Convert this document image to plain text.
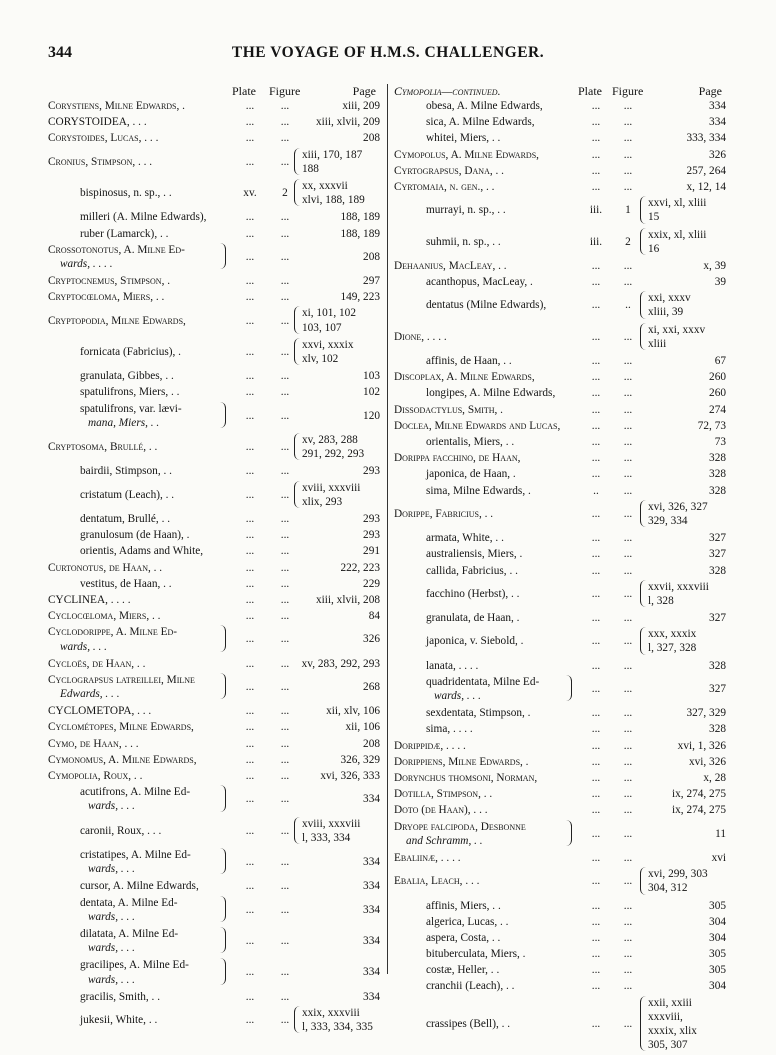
344	THE VOYAGE OF H.M.S. CHALLENGER.
Plate Figure	Page
Corystiens, Milne Edwards, .	...	...	xiii, 209
CORYSTOIDEA, . . .	...	...	xiii, xlvii, 209
Corystoides, Lucas, . . .	...	...	208
Cronius, Stimpson, . . .	...	...
xiii, 170, 187
188
bispinosus, n. sp., . .	xv.	2
xx, xxxvii
xlvi, 188, 189
milleri (A. Milne Edwards),	...	...	188, 189
ruber (Lamarck), . .	...	...	188, 189
Crossotonotus, A. Milne Ed-
wards, . . . .
...	...	208
Cryptocnemus, Stimpson, .	...	...	297
Cryptocœloma, Miers, . .	...	...	149, 223
Cryptopodia, Milne Edwards,	...	...
xi, 101, 102
103, 107
fornicata (Fabricius), .	...	...
xxvi, xxxix
xlv, 102
granulata, Gibbes, . .	...	...	103
spatulifrons, Miers, . .	...	...	102
spatulifrons, var. lævi-
mana, Miers, . .
...	...	120
Cryptosoma, Brullé, . .	...	...
xv, 283, 288
291, 292, 293
bairdii, Stimpson, . .	...	...	293
cristatum (Leach), . .	...	...
xviii, xxxviii
xlix, 293
dentatum, Brullé, . .	...	...	293
granulosum (de Haan), .	...	...	293
orientis, Adams and White,	...	...	291
Curtonotus, de Haan, . .	...	...	222, 223
vestitus, de Haan, . .	...	...	229
CYCLINEA, . . . .	...	...	xiii, xlvii, 208
Cyclocœloma, Miers, . .	...	...	84
Cyclodorippe, A. Milne Ed-
wards, . . .
...	...	326
Cycloës, de Haan, . .	...	...	xv, 283, 292, 293
Cyclograpsus latreillei, Milne
Edwards, . . .
...	...	268
CYCLOMETOPA, . . .	...	...	xii, xlv, 106
Cyclométopes, Milne Edwards,	...	...	xii, 106
Cymo, de Haan, . . .	...	...	208
Cymonomus, A. Milne Edwards,	...	...	326, 329
Cymopolia, Roux, . .	...	...	xvi, 326, 333
acutifrons, A. Milne Ed-
wards, . . .
...	...	334
caronii, Roux, . . .	...	...
xviii, xxxviii
l, 333, 334
cristatipes, A. Milne Ed-
wards, . . .
...	...	334
cursor, A. Milne Edwards,	...	...	334
dentata, A. Milne Ed-
wards, . . .
...	...	334
dilatata, A. Milne Ed-
wards, . . .
...	...	334
gracilipes, A. Milne Ed-
wards, . . .
...	...	334
gracilis, Smith, . .	...	...	334
jukesii, White, . .	...	...
xxix, xxxviii
l, 333, 334, 335
Cymopolia—continued.	Plate Figure	Page
obesa, A. Milne Edwards,	...	...	334
sica, A. Milne Edwards,	...	...	334
whitei, Miers, . .	...	...	333, 334
Cymopolus, A. Milne Edwards,	...	...	326
Cyrtograpsus, Dana, . .	...	...	257, 264
Cyrtomaia, n. gen., . .	...	...	x, 12, 14
murrayi, n. sp., . .	iii.	1
xxvi, xl, xliii
15
suhmii, n. sp., . .	iii.	2
xxix, xl, xliii
16
Dehaanius, MacLeay, . .	...	...	x, 39
acanthopus, MacLeay, .	...	...	39
dentatus (Milne Edwards),	...	..
xxi, xxxv
xliii, 39
Dione, . . . .	...	...
xi, xxi, xxxv
xliii
affinis, de Haan, . .	...	...	67
Discoplax, A. Milne Edwards,	...	...	260
longipes, A. Milne Edwards,	...	...	260
Dissodactylus, Smith, .	...	...	274
Doclea, Milne Edwards and Lucas,	...	...	72, 73
orientalis, Miers, . .	...	...	73
Dorippa facchino, de Haan,	...	...	328
japonica, de Haan, .	...	...	328
sima, Milne Edwards, .	..	...	328
Dorippe, Fabricius, . .	...	...
xvi, 326, 327
329, 334
armata, White, . .	...	...	327
australiensis, Miers, .	...	...	327
callida, Fabricius, . .	...	...	328
facchino (Herbst), . .	...	...
xxvii, xxxviii
l, 328
granulata, de Haan, .	...	...	327
japonica, v. Siebold, .	...	...
xxx, xxxix
l, 327, 328
lanata, . . . .	...	...	328
quadridentata, Milne Ed-
wards, . . .
...	...	327
sexdentata, Stimpson, .	...	...	327, 329
sima, . . . .	...	...	328
Dorippidæ, . . . .	...	...	xvi, 1, 326
Dorippiens, Milne Edwards, .	...	...	xvi, 326
Dorynchus thomsoni, Norman,	...	...	x, 28
Dotilla, Stimpson, . .	...	...	ix, 274, 275
Doto (de Haan), . . .	...	...	ix, 274, 275
Dryope falcipoda, Desbonne
and Schramm, . .
...	...	11
Ebaliinæ, . . . .	...	...	xvi
Ebalia, Leach, . . .	...	...
xvi, 299, 303
304, 312
affinis, Miers, . .	...	...	305
algerica, Lucas, . .	...	...	304
aspera, Costa, . .	...	...	304
bituberculata, Miers, .	...	...	305
costæ, Heller, . .	...	...	305
cranchii (Leach), . .	...	...	304
crassipes (Bell), . .	...	...
xxii, xxiii
xxxviii,
xxxix, xlix
305, 307
